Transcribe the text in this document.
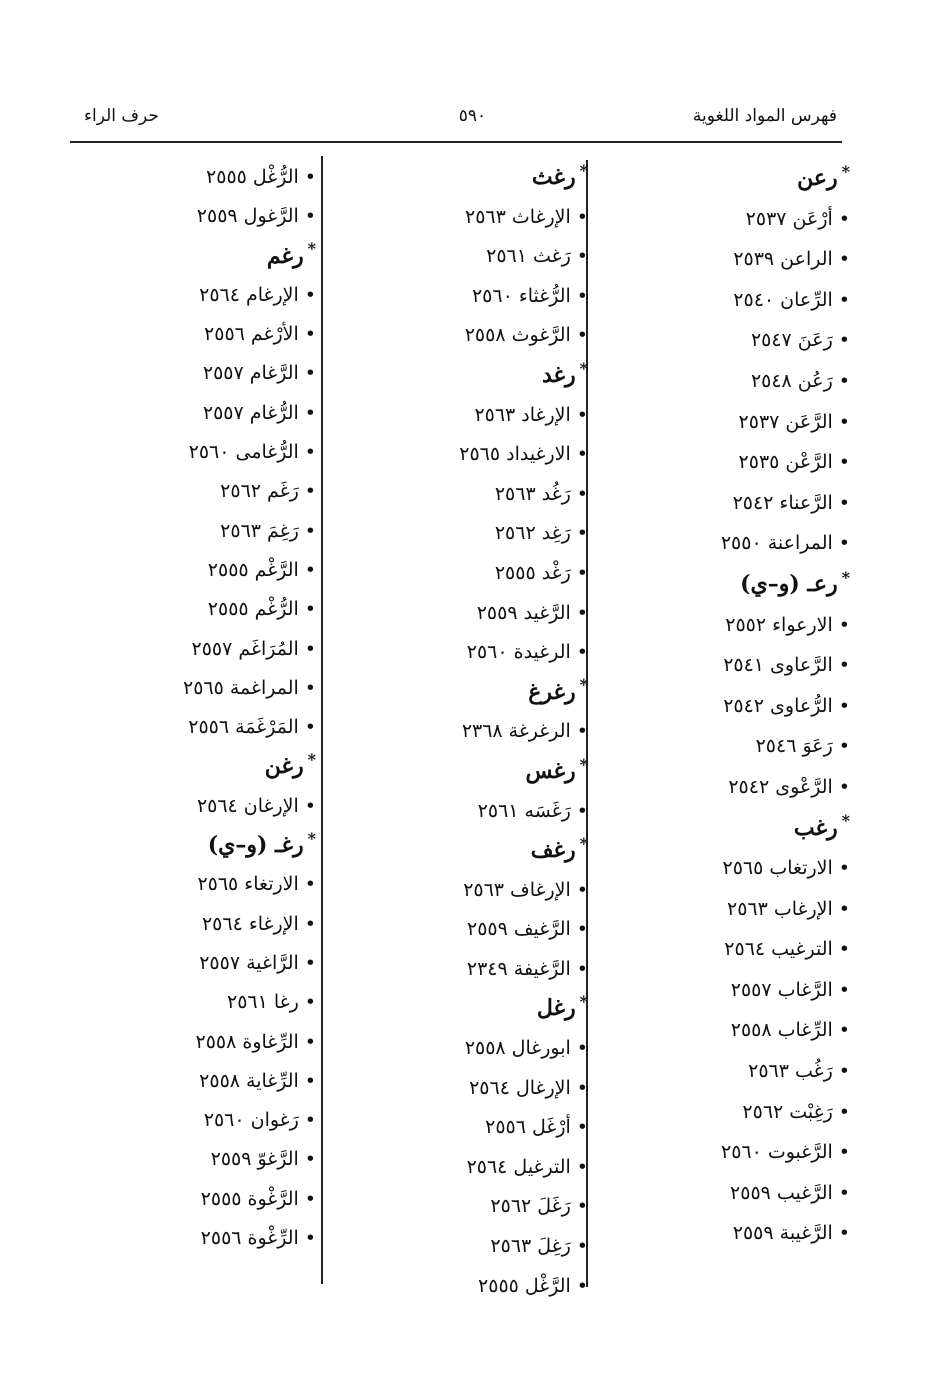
فهرس المواد اللغوية
٥٩٠
حرف الراء
*رعن
•أرْعَن ٢٥٣٧
•الراعن ٢٥٣٩
•الرِّعان ٢٥٤٠
•رَعَنَ ٢٥٤٧
•رَعُن ٢٥٤٨
•الرَّعَن ٢٥٣٧
•الرَّعْن ٢٥٣٥
•الرَّعناء ٢٥٤٢
•المراعنة ٢٥٥٠
*رعـ (و–ي)
•الارعواء ٢٥٥٢
•الرَّعاوى ٢٥٤١
•الرُّعاوى ٢٥٤٢
•رَعَوَ ٢٥٤٦
•الرَّعْوى ٢٥٤٢
*رغب
•الارتغاب ٢٥٦٥
•الإرغاب ٢٥٦٣
•الترغيب ٢٥٦٤
•الرَّغاب ٢٥٥٧
•الرِّغاب ٢٥٥٨
•رَغُب ٢٥٦٣
•رَغِبْت ٢٥٦٢
•الرَّغبوت ٢٥٦٠
•الرَّغيب ٢٥٥٩
•الرَّغيبة ٢٥٥٩
*رغث
•الإرغاث ٢٥٦٣
•رَغث ٢٥٦١
•الرُّغثاء ٢٥٦٠
•الرَّغوث ٢٥٥٨
*رغد
•الإرغاد ٢٥٦٣
•الارغيداد ٢٥٦٥
•رَغُد ٢٥٦٣
•رَغِد ٢٥٦٢
•رَغْد ٢٥٥٥
•الرَّغيد ٢٥٥٩
•الرغيدة ٢٥٦٠
*رغرغ
•الرغرغة ٢٣٦٨
*رغس
•رَغَسَه ٢٥٦١
*رغف
•الإرغاف ٢٥٦٣
•الرَّغيف ٢٥٥٩
•الرَّغيفة ٢٣٤٩
*رغل
•ابورغال ٢٥٥٨
•الإرغال ٢٥٦٤
•أرْغَل ٢٥٥٦
•الترغيل ٢٥٦٤
•رَغَلَ ٢٥٦٢
•رَغِلَ ٢٥٦٣
•الرَّغْل ٢٥٥٥
•الرُّغْل ٢٥٥٥
•الرَّغول ٢٥٥٩
*رغم
•الإرغام ٢٥٦٤
•الأرْغم ٢٥٥٦
•الرَّغام ٢٥٥٧
•الرُّغام ٢٥٥٧
•الرُّغامى ٢٥٦٠
•رَغَم ٢٥٦٢
•رَغِمَ ٢٥٦٣
•الرَّغْم ٢٥٥٥
•الرُّغْم ٢٥٥٥
•المُرَاغَم ٢٥٥٧
•المراغمة ٢٥٦٥
•المَرْغَمَة ٢٥٥٦
*رغن
•الإرغان ٢٥٦٤
*رغـ (و–ي)
•الارتغاء ٢٥٦٥
•الإرغاء ٢٥٦٤
•الرَّاغية ٢٥٥٧
•رغا ٢٥٦١
•الرِّغاوة ٢٥٥٨
•الرِّغاية ٢٥٥٨
•رَغوان ٢٥٦٠
•الرَّغوّ ٢٥٥٩
•الرَّغْوة ٢٥٥٥
•الرِّغْوة ٢٥٥٦
